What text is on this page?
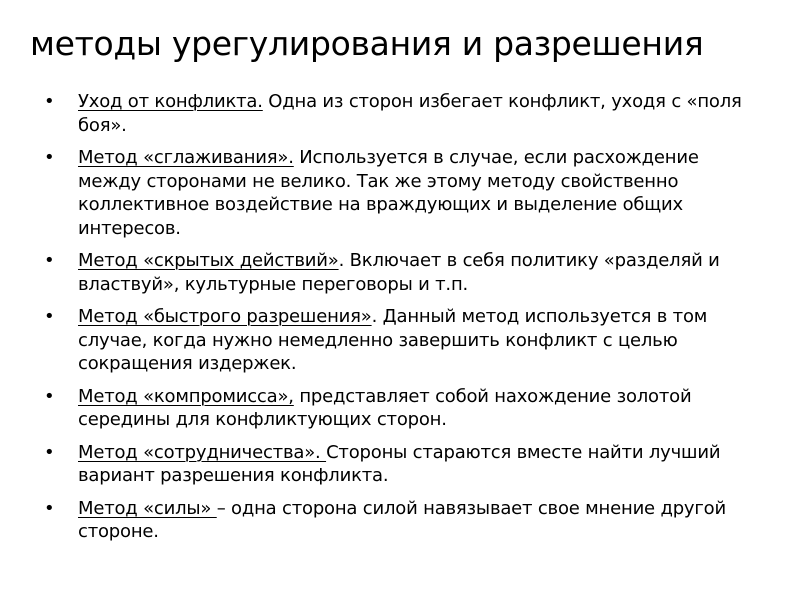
методы урегулирования и разрешения
• Уход от конфликта. Одна из сторон избегает конфликт, уходя с «поля боя».
• Метод «сглаживания». Используется в случае, если расхождение между сторонами не велико. Так же этому методу свойственно коллективное воздействие на враждующих и выделение общих интересов.
• Метод «скрытых действий». Включает в себя политику «разделяй и властвуй», культурные переговоры и т.п.
• Метод «быстрого разрешения». Данный метод используется в том случае, когда нужно немедленно завершить конфликт с целью сокращения издержек.
• Метод «компромисса», представляет собой нахождение золотой середины для конфликтующих сторон.
• Метод «сотрудничества». Стороны стараются вместе найти лучший вариант разрешения конфликта.
• Метод «силы» – одна сторона силой навязывает свое мнение другой стороне.
